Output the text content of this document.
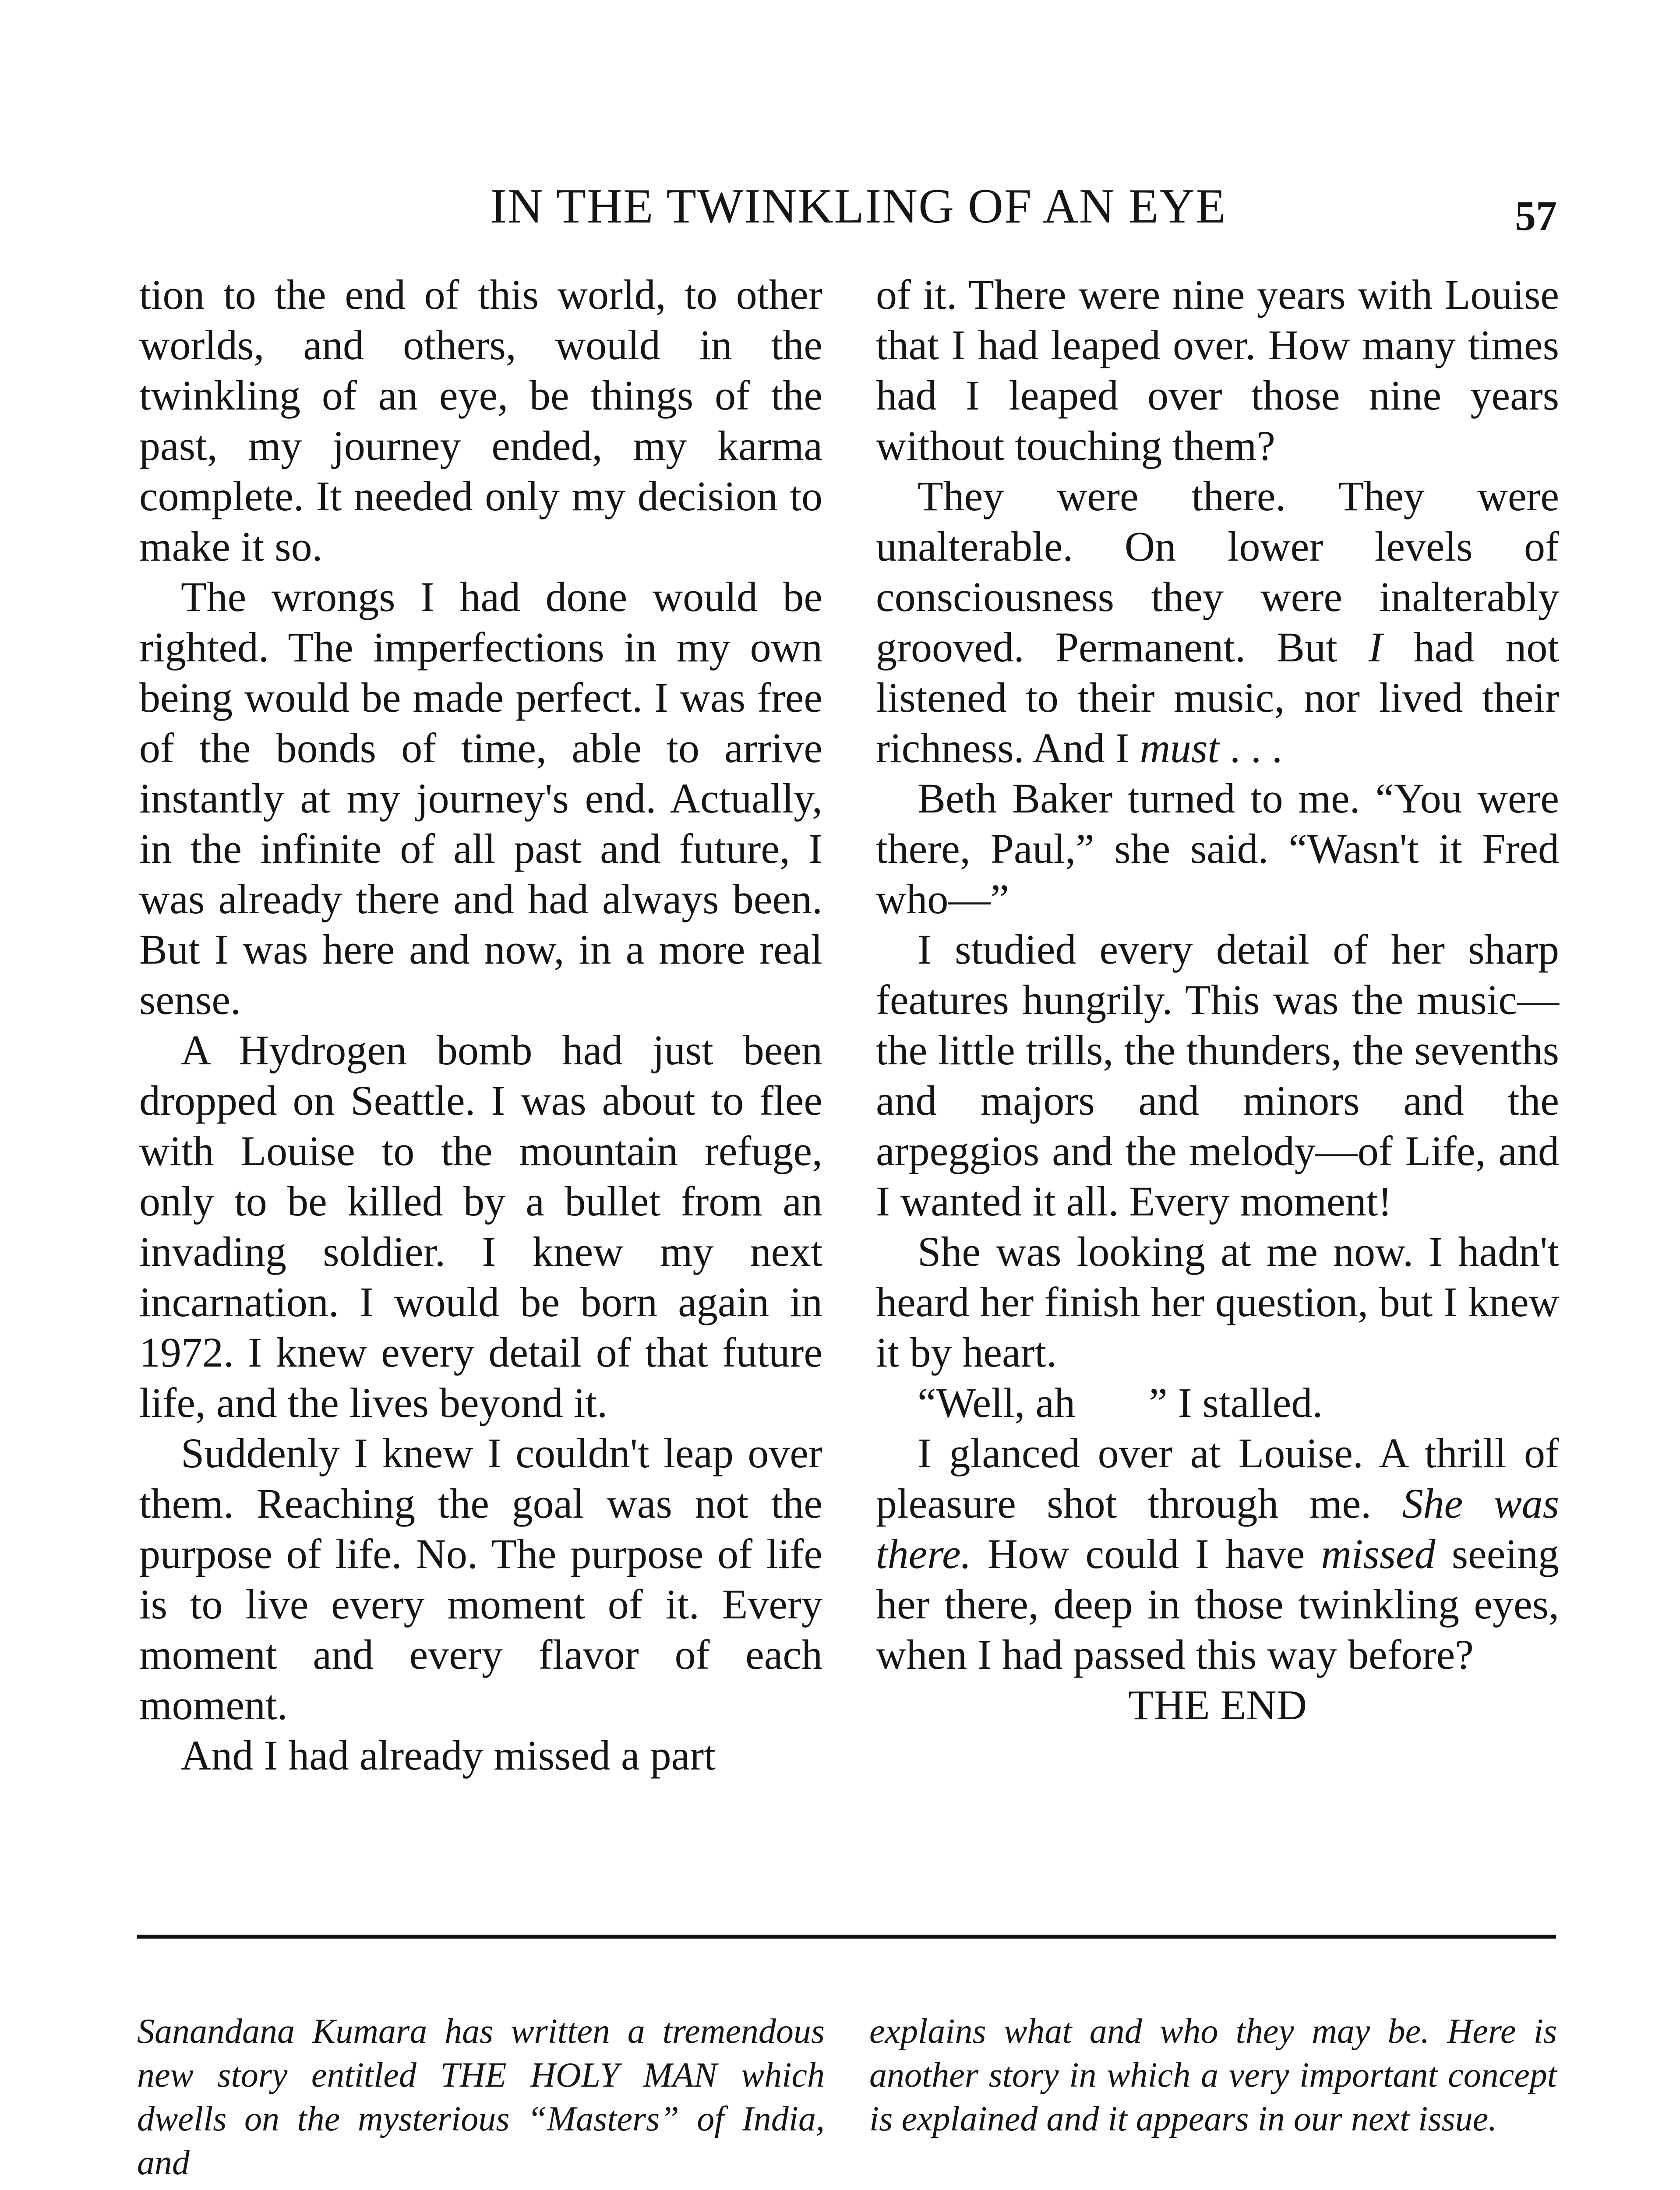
IN THE TWINKLING OF AN EYE	57

tion to the end of this world, to other worlds, and others, would in the twinkling of an eye, be things of the past, my journey ended, my karma complete. It needed only my decision to make it so.

The wrongs I had done would be righted. The imperfections in my own being would be made perfect. I was free of the bonds of time, able to arrive instantly at my journey's end. Actually, in the infinite of all past and future, I was already there and had always been. But I was here and now, in a more real sense.

A Hydrogen bomb had just been dropped on Seattle. I was about to flee with Louise to the mountain refuge, only to be killed by a bullet from an invading soldier. I knew my next incarnation. I would be born again in 1972. I knew every detail of that future life, and the lives beyond it.

Suddenly I knew I couldn't leap over them. Reaching the goal was not the purpose of life. No. The purpose of life is to live every moment of it. Every moment and every flavor of each moment.

And I had already missed a part

of it. There were nine years with Louise that I had leaped over. How many times had I leaped over those nine years without touching them?

They were there. They were unalterable. On lower levels of consciousness they were inalterably grooved. Permanent. But I had not listened to their music, nor lived their richness. And I must . . .

Beth Baker turned to me. “You were there, Paul,” she said. “Wasn't it Fred who—”

I studied every detail of her sharp features hungrily. This was the music—the little trills, the thunders, the sevenths and majors and minors and the arpeggios and the melody—of Life, and I wanted it all. Every moment!

She was looking at me now. I hadn't heard her finish her question, but I knew it by heart.

“Well, ah       ” I stalled.

I glanced over at Louise. A thrill of pleasure shot through me. She was there. How could I have missed seeing her there, deep in those twinkling eyes, when I had passed this way before?

THE END

Sanandana Kumara has written a tremendous new story entitled THE HOLY MAN which dwells on the mysterious “Masters” of India, and
explains what and who they may be. Here is another story in which a very important concept is explained and it appears in our next issue.
